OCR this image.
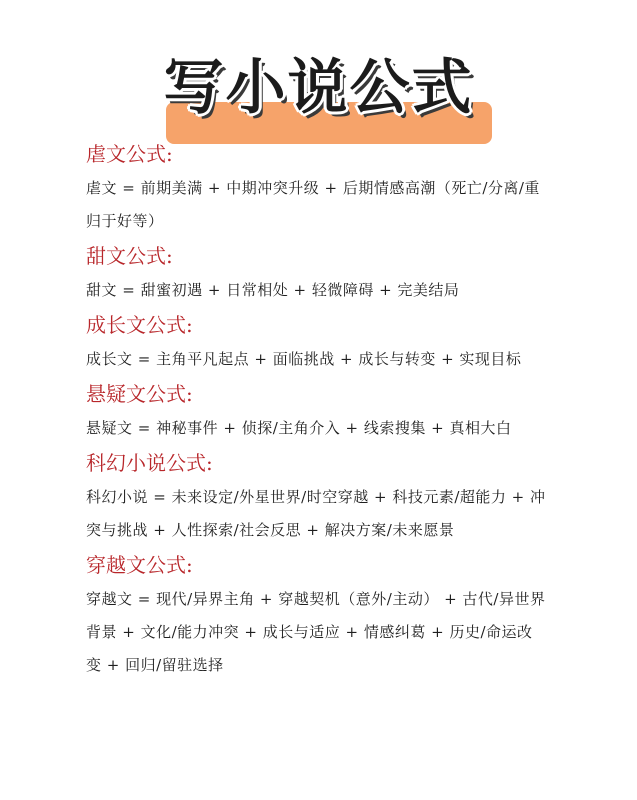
写小说公式
虐文公式:
虐文 = 前期美满 + 中期冲突升级 + 后期情感高潮（死亡/分离/重归于好等）
甜文公式:
甜文 = 甜蜜初遇 + 日常相处 + 轻微障碍 + 完美结局
成长文公式:
成长文 = 主角平凡起点 + 面临挑战 + 成长与转变 + 实现目标
悬疑文公式:
悬疑文 = 神秘事件 + 侦探/主角介入 + 线索搜集 + 真相大白
科幻小说公式:
科幻小说 = 未来设定/外星世界/时空穿越 + 科技元素/超能力 + 冲突与挑战 + 人性探索/社会反思 + 解决方案/未来愿景
穿越文公式:
穿越文 = 现代/异界主角 + 穿越契机（意外/主动） + 古代/异世界背景 + 文化/能力冲突 + 成长与适应 + 情感纠葛 + 历史/命运改变 + 回归/留驻选择
